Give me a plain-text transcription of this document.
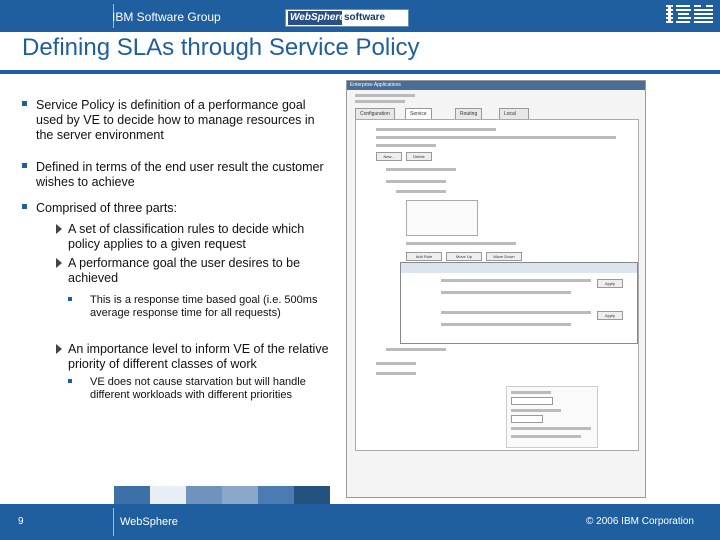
IBM Software Group	WebSphere.
software
Defining SLAs through Service Policy
Service Policy is definition of a performance goal used by VE to decide how to manage resources in the server environment
Defined in terms of the end user result the customer wishes to achieve
Comprised of three parts:
A set of classification rules to decide which policy applies to a given request
A performance goal the user desires to be achieved
This is a response time based goal (i.e. 500ms average response time for all requests)
An importance level to inform VE of the relative priority of different classes of work
VE does not cause starvation but will handle different workloads with different priorities
Enterprise Applications
Configuration	Service	Routing	Local
New...	Delete
Add Rule	Move Up	Move Down
Apply
Apply
9	WebSphere	© 2006 IBM Corporation
